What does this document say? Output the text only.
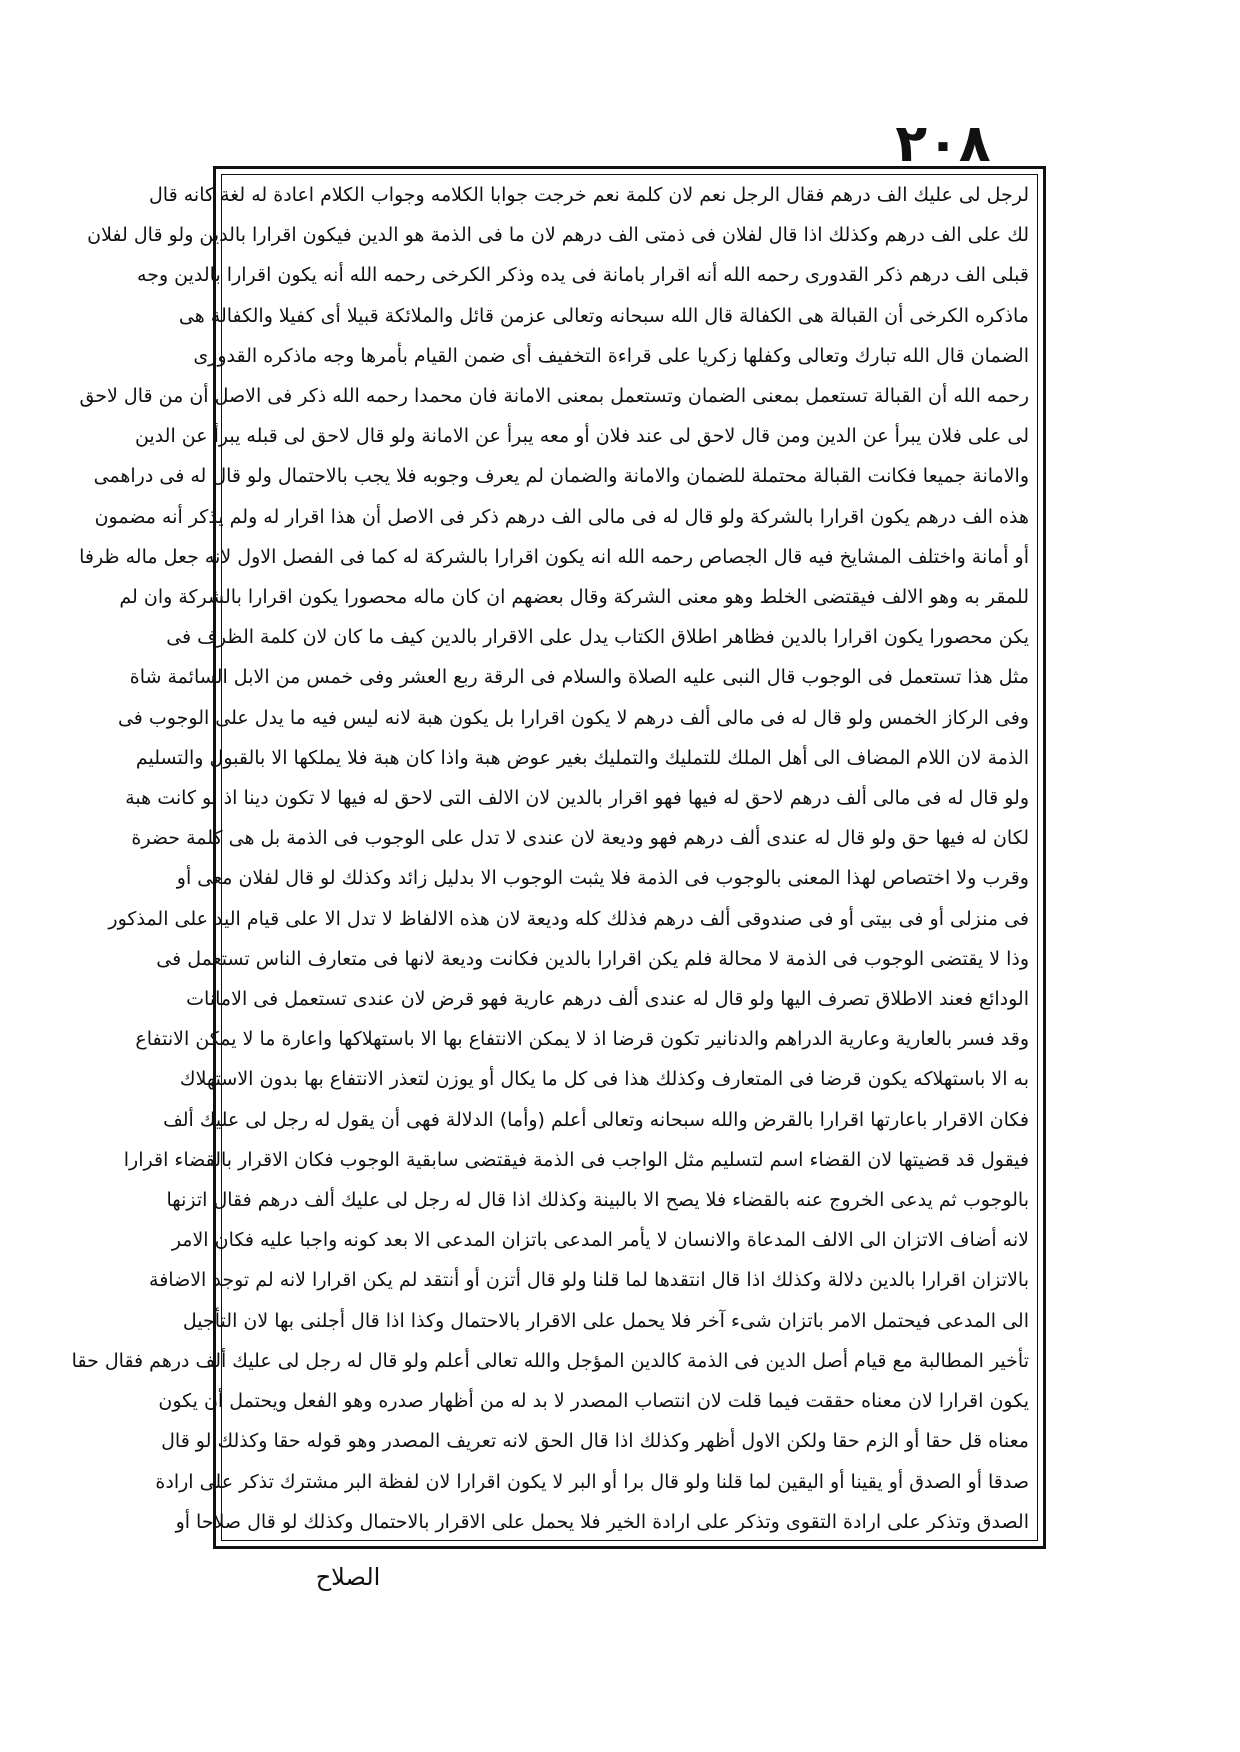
۲۰۸
لرجل لی علیك الف درهم فقال الرجل نعم لان کلمة نعم خرجت جوابا الکلامه وجواب الکلام اعادة له لغة کانه قال
لك علی الف درهم وکذلك اذا قال لفلان فی ذمتی الف درهم لان ما فی الذمة هو الدین فیکون اقرارا بالدین ولو قال لفلان
قبلی الف درهم ذکر القدوری رحمه الله أنه اقرار بامانة فی یده وذکر الکرخی رحمه الله أنه یکون اقرارا بالدین وجه
ماذکره الکرخی أن القبالة هی الکفالة قال الله سبحانه وتعالی عزمن قائل والملائکة قبیلا أی کفیلا والکفالة هی
الضمان قال الله تبارك وتعالی وکفلها زکریا علی قراءة التخفیف أی ضمن القیام بأمرها وجه ماذکره القدوری
رحمه الله أن القبالة تستعمل بمعنی الضمان وتستعمل بمعنی الامانة فان محمدا رحمه الله ذکر فی الاصل أن من قال لاحق
لی علی فلان یبرأ عن الدین ومن قال لاحق لی عند فلان أو معه یبرأ عن الامانة ولو قال لاحق لی قبله یبرأ عن الدین
والامانة جمیعا فکانت القبالة محتملة للضمان والامانة والضمان لم یعرف وجوبه فلا یجب بالاحتمال ولو قال له فی دراهمی
هذه الف درهم یکون اقرارا بالشرکة ولو قال له فی مالی الف درهم ذکر فی الاصل أن هذا اقرار له ولم یذکر أنه مضمون
أو أمانة واختلف المشایخ فیه قال الجصاص رحمه الله انه یکون اقرارا بالشرکة له کما فی الفصل الاول لانه جعل ماله ظرفا
للمقر به وهو الالف فیقتضی الخلط وهو معنی الشرکة وقال بعضهم ان کان ماله محصورا یکون اقرارا بالشرکة وان لم
یکن محصورا یکون اقرارا بالدین فظاهر اطلاق الکتاب یدل علی الاقرار بالدین کیف ما کان لان کلمة الظرف فی
مثل هذا تستعمل فی الوجوب قال النبی علیه الصلاة والسلام فی الرقة ربع العشر وفی خمس من الابل السائمة شاة
وفی الرکاز الخمس ولو قال له فی مالی ألف درهم لا یکون اقرارا بل یکون هبة لانه لیس فیه ما یدل علی الوجوب فی
الذمة لان اللام المضاف الی أهل الملك للتملیك والتملیك بغیر عوض هبة واذا کان هبة فلا یملکها الا بالقبول والتسلیم
ولو قال له فی مالی ألف درهم لاحق له فیها فهو اقرار بالدین لان الالف التی لاحق له فیها لا تکون دینا اذ لو کانت هبة
لکان له فیها حق ولو قال له عندی ألف درهم فهو ودیعة لان عندی لا تدل علی الوجوب فی الذمة بل هی کلمة حضرة
وقرب ولا اختصاص لهذا المعنی بالوجوب فی الذمة فلا یثبت الوجوب الا بدلیل زائد وکذلك لو قال لفلان معی أو
فی منزلی أو فی بیتی أو فی صندوقی ألف درهم فذلك کله ودیعة لان هذه الالفاظ لا تدل الا علی قیام الید علی المذکور
وذا لا یقتضی الوجوب فی الذمة لا محالة فلم یکن اقرارا بالدین فکانت ودیعة لانها فی متعارف الناس تستعمل فی
الودائع فعند الاطلاق تصرف الیها ولو قال له عندی ألف درهم عاریة فهو قرض لان عندی تستعمل فی الامانات
وقد فسر بالعاریة وعاریة الدراهم والدنانیر تکون قرضا اذ لا یمکن الانتفاع بها الا باستهلاکها واعارة ما لا یمکن الانتفاع
به الا باستهلاکه یکون قرضا فی المتعارف وکذلك هذا فی کل ما یکال أو یوزن لتعذر الانتفاع بها بدون الاستهلاك
فکان الاقرار باعارتها اقرارا بالقرض والله سبحانه وتعالی أعلم (وأما) الدلالة فهی أن یقول له رجل لی علیك ألف
فیقول قد قضیتها لان القضاء اسم لتسلیم مثل الواجب فی الذمة فیقتضی سابقیة الوجوب فکان الاقرار بالقضاء اقرارا
بالوجوب ثم یدعی الخروج عنه بالقضاء فلا یصح الا بالبینة وکذلك اذا قال له رجل لی علیك ألف درهم فقال اتزنها
لانه أضاف الاتزان الی الالف المدعاة والانسان لا یأمر المدعی باتزان المدعی الا بعد کونه واجبا علیه فکان الامر
بالاتزان اقرارا بالدین دلالة وکذلك اذا قال انتقدها لما قلنا ولو قال أتزن أو أنتقد لم یکن اقرارا لانه لم توجد الاضافة
الی المدعی فیحتمل الامر باتزان شیء آخر فلا یحمل علی الاقرار بالاحتمال وکذا اذا قال أجلنی بها لان التأجیل
تأخیر المطالبة مع قیام أصل الدین فی الذمة کالدین المؤجل والله تعالی أعلم ولو قال له رجل لی علیك ألف درهم فقال حقا
یکون اقرارا لان معناه حققت فیما قلت لان انتصاب المصدر لا بد له من أظهار صدره وهو الفعل ویحتمل أن یکون
معناه قل حقا أو الزم حقا ولکن الاول أظهر وکذلك اذا قال الحق لانه تعریف المصدر وهو قوله حقا وکذلك لو قال
صدقا أو الصدق أو یقینا أو الیقین لما قلنا ولو قال برا أو البر لا یکون اقرارا لان لفظة البر مشترك تذکر علی ارادة
الصدق وتذکر علی ارادة التقوی وتذکر علی ارادة الخیر فلا یحمل علی الاقرار بالاحتمال وکذلك لو قال صلاحا أو
الصلاح
